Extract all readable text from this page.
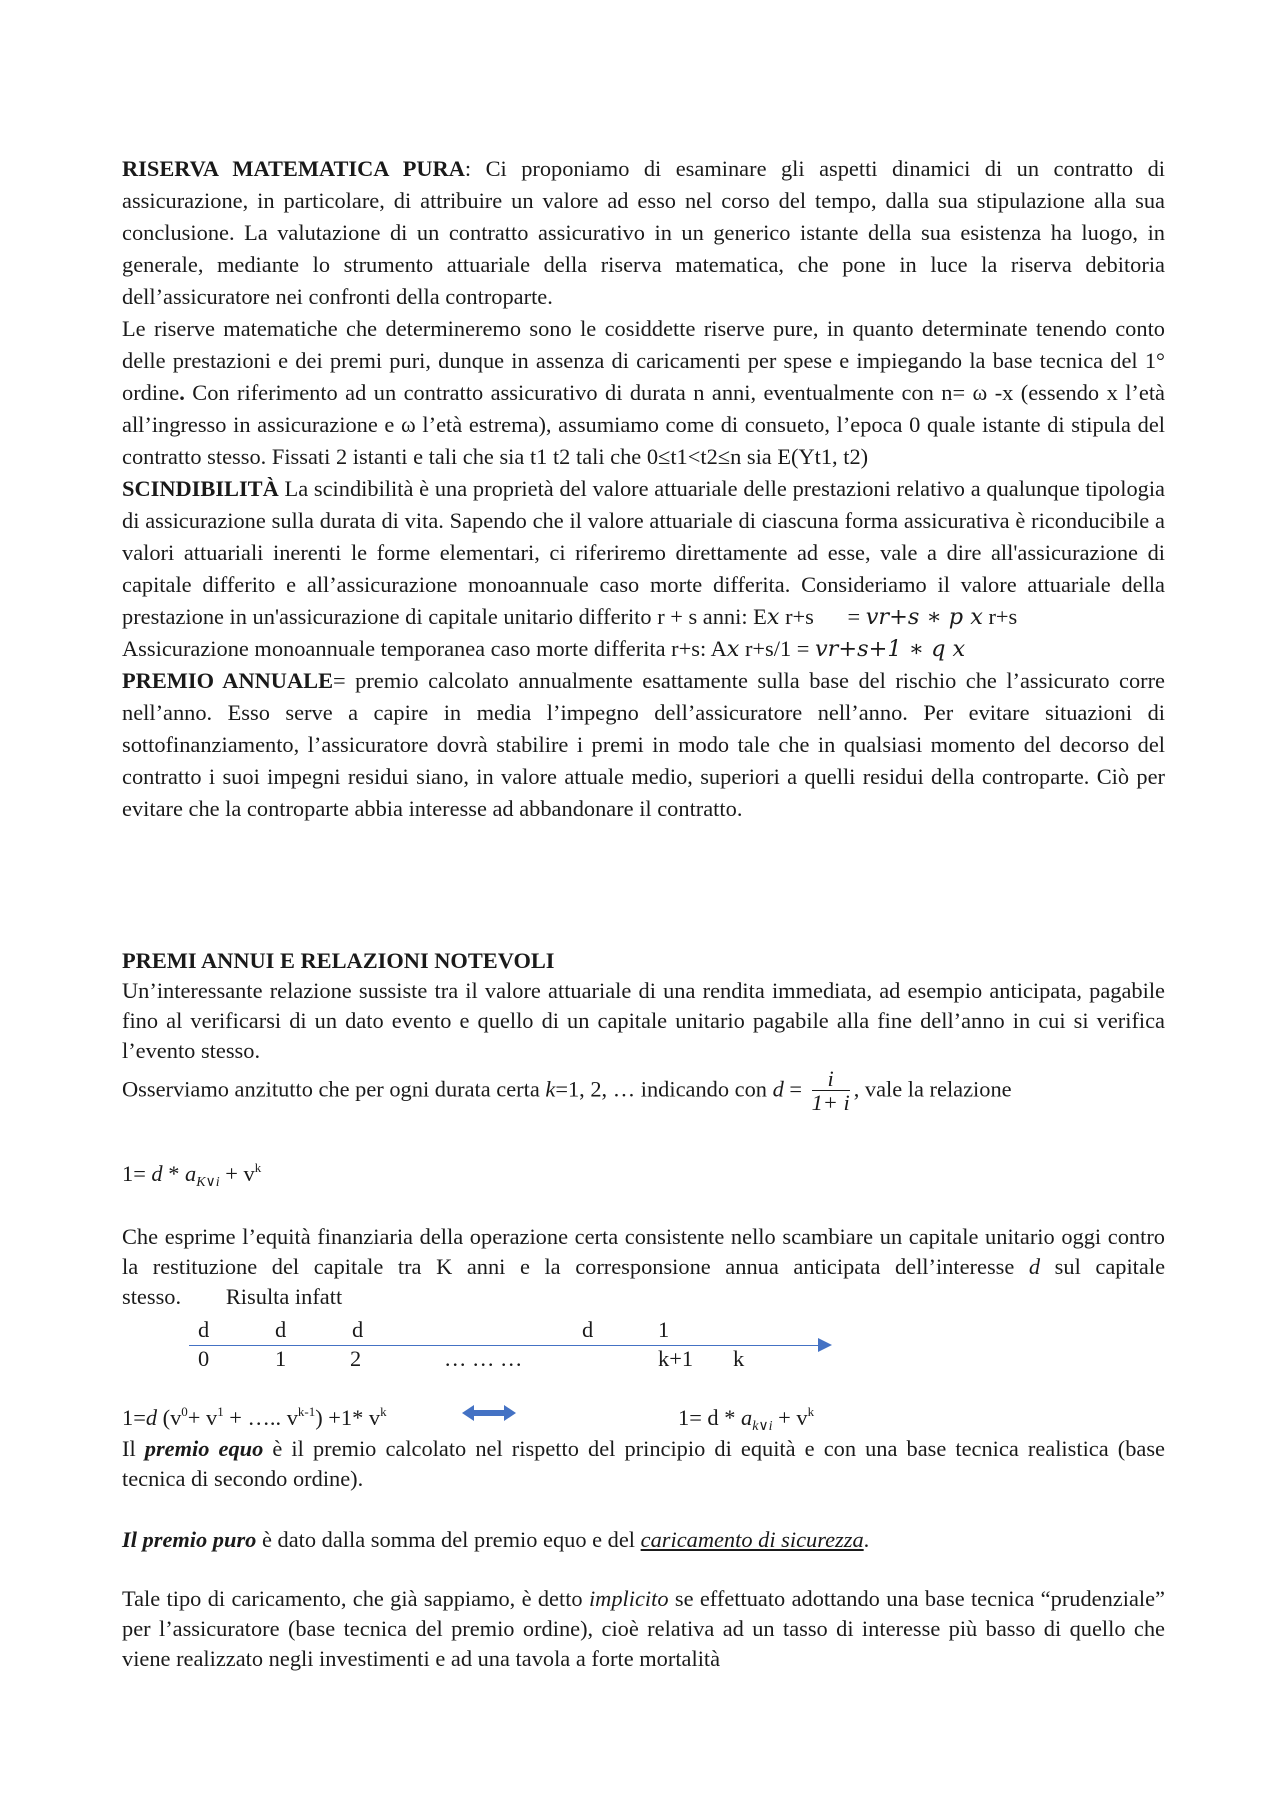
RISERVA MATEMATICA PURA: Ci proponiamo di esaminare gli aspetti dinamici di un contratto di assicurazione, in particolare, di attribuire un valore ad esso nel corso del tempo, dalla sua stipulazione alla sua conclusione. La valutazione di un contratto assicurativo in un generico istante della sua esistenza ha luogo, in generale, mediante lo strumento attuariale della riserva matematica, che pone in luce la riserva debitoria dell’assicuratore nei confronti della controparte.

Le riserve matematiche che determineremo sono le cosiddette riserve pure, in quanto determinate tenendo conto delle prestazioni e dei premi puri, dunque in assenza di caricamenti per spese e impiegando la base tecnica del 1° ordine. Con riferimento ad un contratto assicurativo di durata n anni, eventualmente con n= ω -x (essendo x l’età all’ingresso in assicurazione e ω l’età estrema), assumiamo come di consueto, l’epoca 0 quale istante di stipula del contratto stesso. Fissati 2 istanti e tali che sia t1 t2 tali che 0≤t1<t2≤n sia E(Yt1, t2)

SCINDIBILITÀ La scindibilità è una proprietà del valore attuariale delle prestazioni relativo a qualunque tipologia di assicurazione sulla durata di vita. Sapendo che il valore attuariale di ciascuna forma assicurativa è riconducibile a valori attuariali inerenti le forme elementari, ci riferiremo direttamente ad esse, vale a dire all'assicurazione di capitale differito e all’assicurazione monoannuale caso morte differita. Consideriamo il valore attuariale della prestazione in un'assicurazione di capitale unitario differito r + s anni: Ex r+s = vr+s ∗ p x r+s

Assicurazione monoannuale temporanea caso morte differita r+s: Ax r+s/1 = vr+s+1 ∗ q x

PREMIO ANNUALE= premio calcolato annualmente esattamente sulla base del rischio che l’assicurato corre nell’anno. Esso serve a capire in media l’impegno dell’assicuratore nell’anno. Per evitare situazioni di sottofinanziamento, l’assicuratore dovrà stabilire i premi in modo tale che in qualsiasi momento del decorso del contratto i suoi impegni residui siano, in valore attuale medio, superiori a quelli residui della controparte. Ciò per evitare che la controparte abbia interesse ad abbandonare il contratto.

PREMI ANNUI E RELAZIONI NOTEVOLI

Un’interessante relazione sussiste tra il valore attuariale di una rendita immediata, ad esempio anticipata, pagabile fino al verificarsi di un dato evento e quello di un capitale unitario pagabile alla fine dell’anno in cui si verifica l’evento stesso.

Osserviamo anzitutto che per ogni durata certa k=1, 2, … indicando con $d = \frac{i}{1+ i}$ , vale la relazione
$1= d * a_{K\vee i} + v^k$

Che esprime l’equità finanziaria della operazione certa consistente nello scambiare un capitale unitario oggi contro la restituzione del capitale tra K anni e la corresponsione annua anticipata dell’interesse d sul capitale stesso. Risulta infatt

d	d	d	d	1
0	1	2	… … …	k+1 k
1=d ($v^0+ v^1$ + ….. $v^{k-1}) +1*$ $v^k$	$1= d * a_{k\vee i} + v^k$

Il premio equo è il premio calcolato nel rispetto del principio di equità e con una base tecnica realistica (base tecnica di secondo ordine).

Il premio puro è dato dalla somma del premio equo e del caricamento di sicurezza.

Tale tipo di caricamento, che già sappiamo, è detto implicito se effettuato adottando una base tecnica “prudenziale” per l’assicuratore (base tecnica del premio ordine), cioè relativa ad un tasso di interesse più basso di quello che viene realizzato negli investimenti e ad una tavola a forte mortalità
